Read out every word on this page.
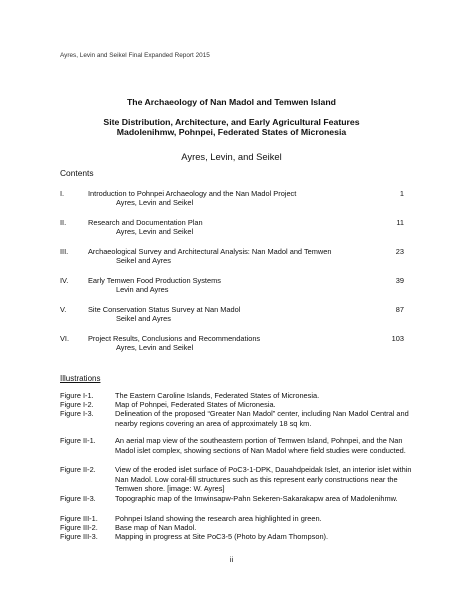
Ayres, Levin and Seikel Final Expanded Report 2015
The Archaeology of Nan Madol and Temwen Island
Site Distribution, Architecture, and Early Agricultural Features
Madolenihmw, Pohnpei, Federated States of Micronesia
Ayres, Levin, and Seikel
Contents
I.	Introduction to Pohnpei Archaeology and the Nan Madol Project
Ayres, Levin and Seikel
1
II.	Research and Documentation Plan
Ayres, Levin and Seikel
11
III.	Archaeological Survey and Architectural Analysis: Nan Madol and Temwen
Seikel and Ayres
23
IV.	Early Temwen Food Production Systems
Levin and Ayres
39
V.	Site Conservation Status Survey at Nan Madol
Seikel and Ayres
87
VI.	Project Results, Conclusions and Recommendations
Ayres, Levin and Seikel
103
Illustrations
Figure I-1.	The Eastern Caroline Islands, Federated States of Micronesia.
Figure I-2.	Map of Pohnpei, Federated States of Micronesia.
Figure I-3.	Delineation of the proposed “Greater Nan Madol” center, including Nan Madol Central and nearby regions covering an area of approximately 18 sq km.
Figure II-1.	An aerial map view of the southeastern portion of Temwen Island, Pohnpei, and the Nan Madol islet complex, showing sections of Nan Madol where field studies were conducted.
Figure II-2.	View of the eroded islet surface of PoC3-1-DPK, Dauahdpeidak Islet, an interior islet within Nan Madol. Low coral-fill structures such as this represent early constructions near the Temwen shore. [image: W. Ayres]
Figure II-3.	Topographic map of the Imwinsapw-Pahn Sekeren-Sakarakapw area of Madolenihmw.
Figure III-1. Pohnpei Island showing the research area highlighted in green.
Figure III-2. Base map of Nan Madol.
Figure III-3. Mapping in progress at Site PoC3-5 (Photo by Adam Thompson).
ii
